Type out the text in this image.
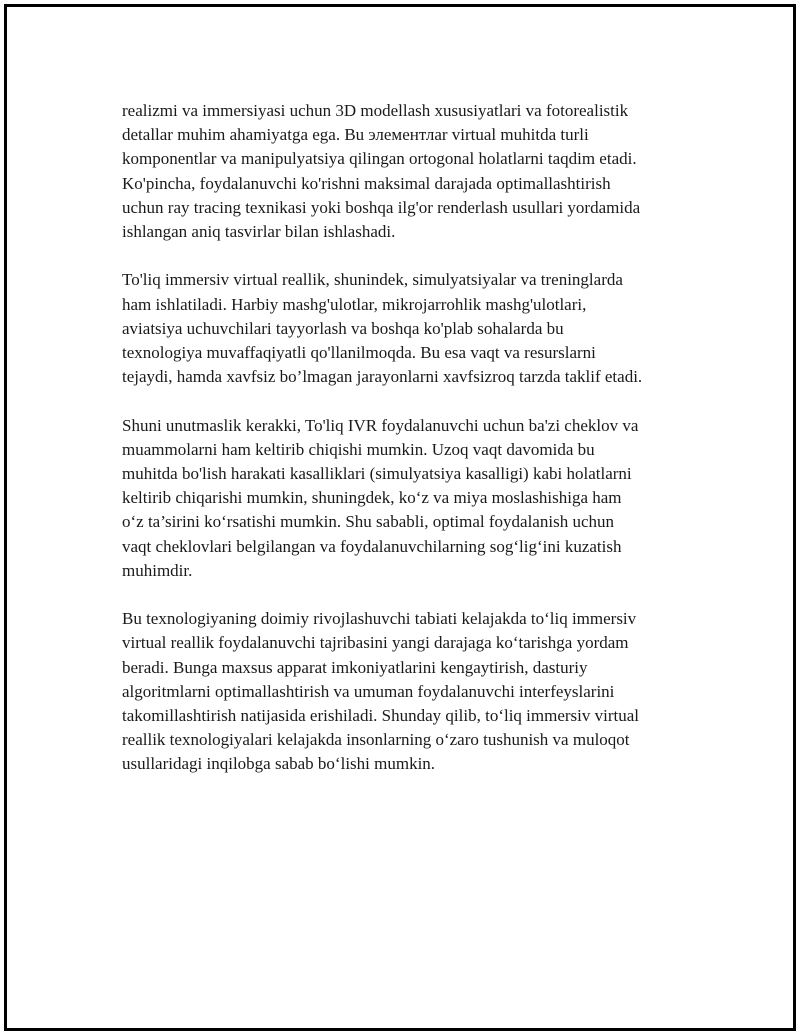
realizmi va immersiyasi uchun 3D modellash xususiyatlari va fotorealistik
detallar muhim ahamiyatga ega. Bu элементлar virtual muhitda turli
komponentlar va manipulyatsiya qilingan ortogonal holatlarni taqdim etadi.
Ko'pincha, foydalanuvchi ko'rishni maksimal darajada optimallashtirish
uchun ray tracing texnikasi yoki boshqa ilg'or renderlash usullari yordamida
ishlangan aniq tasvirlar bilan ishlashadi.

To'liq immersiv virtual reallik, shunindek, simulyatsiyalar va treninglarda
ham ishlatiladi. Harbiy mashg'ulotlar, mikrojarrohlik mashg'ulotlari,
aviatsiya uchuvchilari tayyorlash va boshqa ko'plab sohalarda bu
texnologiya muvaffaqiyatli qo'llanilmoqda. Bu esa vaqt va resurslarni
tejaydi, hamda xavfsiz bo’lmagan jarayonlarni xavfsizroq tarzda taklif etadi.

Shuni unutmaslik kerakki, To'liq IVR foydalanuvchi uchun ba'zi cheklov va
muammolarni ham keltirib chiqishi mumkin. Uzoq vaqt davomida bu
muhitda bo'lish harakati kasalliklari (simulyatsiya kasalligi) kabi holatlarni
keltirib chiqarishi mumkin, shuningdek, ko‘z va miya moslashishiga ham
o‘z ta’sirini ko‘rsatishi mumkin. Shu sababli, optimal foydalanish uchun
vaqt cheklovlari belgilangan va foydalanuvchilarning sog‘lig‘ini kuzatish
muhimdir.

Bu texnologiyaning doimiy rivojlashuvchi tabiati kelajakda to‘liq immersiv
virtual reallik foydalanuvchi tajribasini yangi darajaga ko‘tarishga yordam
beradi. Bunga maxsus apparat imkoniyatlarini kengaytirish, dasturiy
algoritmlarni optimallashtirish va umuman foydalanuvchi interfeyslarini
takomillashtirish natijasida erishiladi. Shunday qilib, to‘liq immersiv virtual
reallik texnologiyalari kelajakda insonlarning o‘zaro tushunish va muloqot
usullaridagi inqilobga sabab bo‘lishi mumkin.
